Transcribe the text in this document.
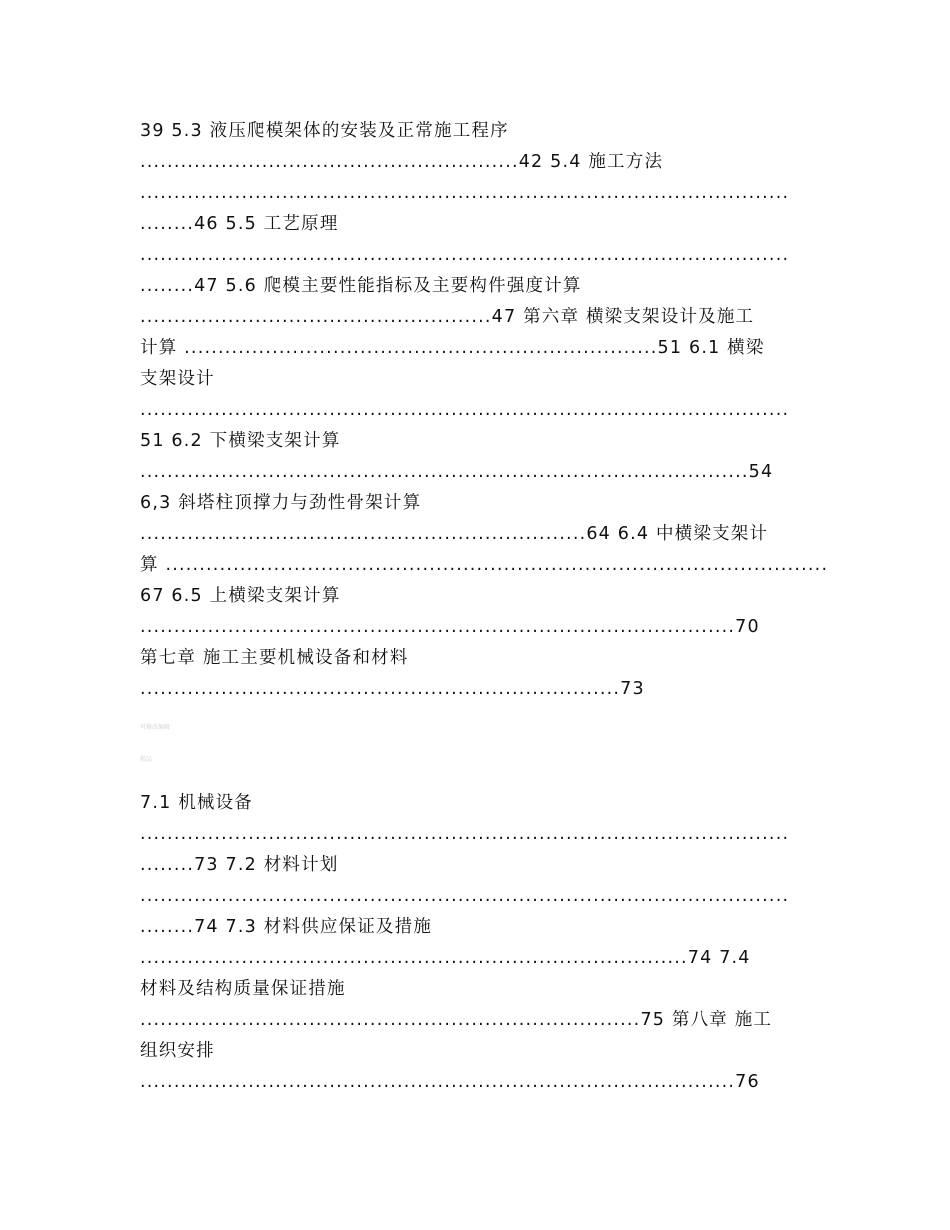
39 5.3 液压爬模架体的安装及正常施工程序
........................................................42 5.4 施工方法
................................................................................................
........46 5.5 工艺原理
................................................................................................
........47 5.6 爬模主要性能指标及主要构件强度计算
....................................................47 第六章 横梁支架设计及施工
计算 ......................................................................51 6.1 横梁
支架设计
................................................................................................
51 6.2 下横梁支架计算
..........................................................................................54
6,3 斜塔柱顶撑力与劲性骨架计算
..................................................................64 6.4 中横梁支架计
算 ..................................................................................................
67 6.5 上横梁支架计算
........................................................................................70
第七章 施工主要机械设备和材料
.......................................................................73
可修改编辑
精品
7.1 机械设备
................................................................................................
........73 7.2 材料计划
................................................................................................
........74 7.3 材料供应保证及措施
.................................................................................74 7.4
材料及结构质量保证措施
..........................................................................75 第八章 施工
组织安排
........................................................................................76
